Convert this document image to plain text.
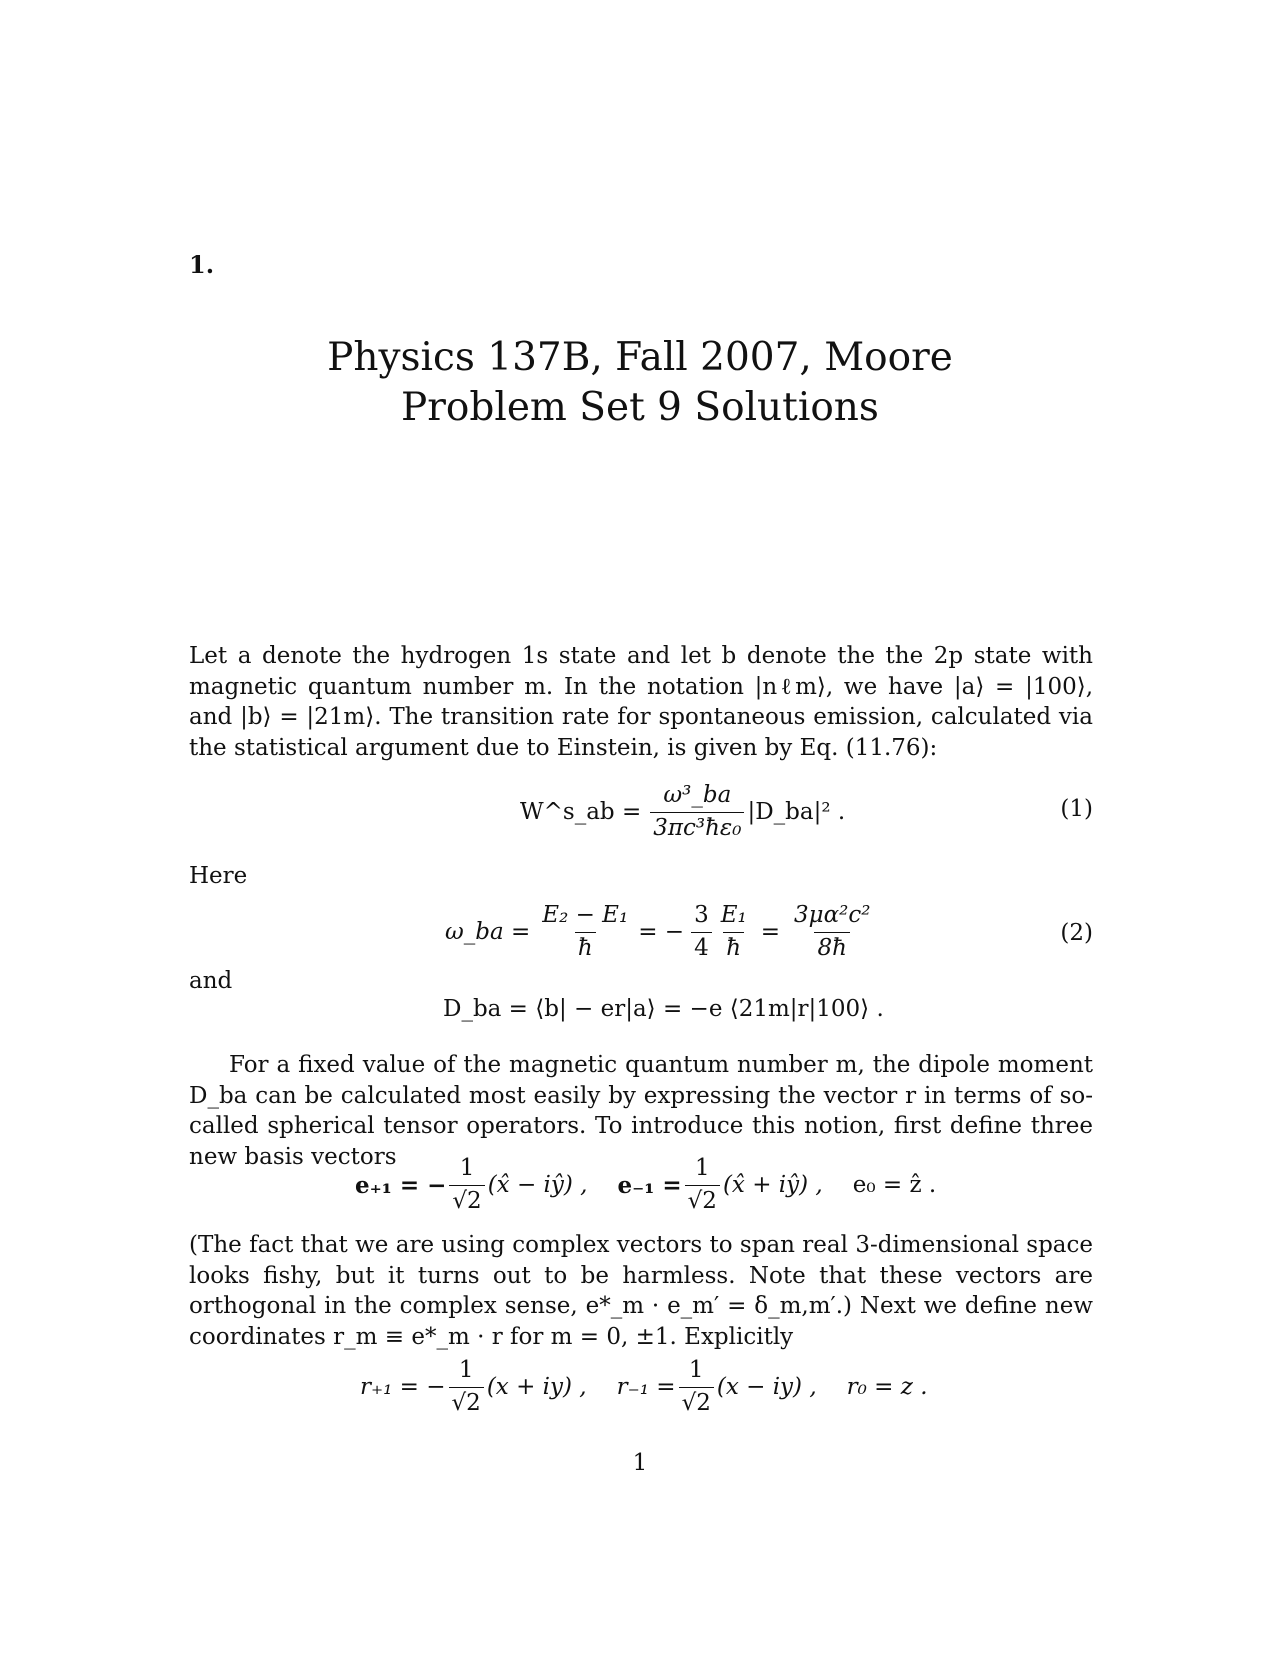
Physics 137B, Fall 2007, Moore
Problem Set 9 Solutions
1.

Let a denote the hydrogen 1s state and let b denote the the 2p state with magnetic quantum number m. In the notation |nℓm⟩, we have |a⟩ = |100⟩, and |b⟩ = |21m⟩. The transition rate for spontaneous emission, calculated via the statistical argument due to Einstein, is given by Eq. (11.76):

W^s_ab = $\frac{\text{ω³\_ba}}{\text{3πc³ħε₀}}$ |D_ba|² .	(1)
Here
ω_ba = $\frac{\text{E₂ − E₁}}{ħ}$ = − $\frac{3}{4} \frac{\text{E₁}}{ħ} = \frac{\text{3μα²c²}}{8ħ}$	(2)
and
D_ba = ⟨b| − er|a⟩ = −e ⟨21m|r|100⟩ .

For a fixed value of the magnetic quantum number m, the dipole moment D_ba can be calculated most easily by expressing the vector r in terms of so-called spherical tensor operators. To introduce this notion, first define three new basis vectors

e₊₁ = − $\frac{1}{√2}$ (x̂ − iŷ) , $e_{-1} = \frac{1}{√2}$ (x̂ + iŷ) , e₀ = ẑ .

(The fact that we are using complex vectors to span real 3-dimensional space looks fishy, but it turns out to be harmless. Note that these vectors are orthogonal in the complex sense, e*_m · e_m′ = δ_m,m′.) Next we define new coordinates r_m ≡ e*_m · r for m = 0, ±1. Explicitly

r₊₁ = − $\frac{1}{√2} (x + iy)$ , $r_{-1} = \frac{1}{√2} (x - iy)$ , r₀ = z .
1
